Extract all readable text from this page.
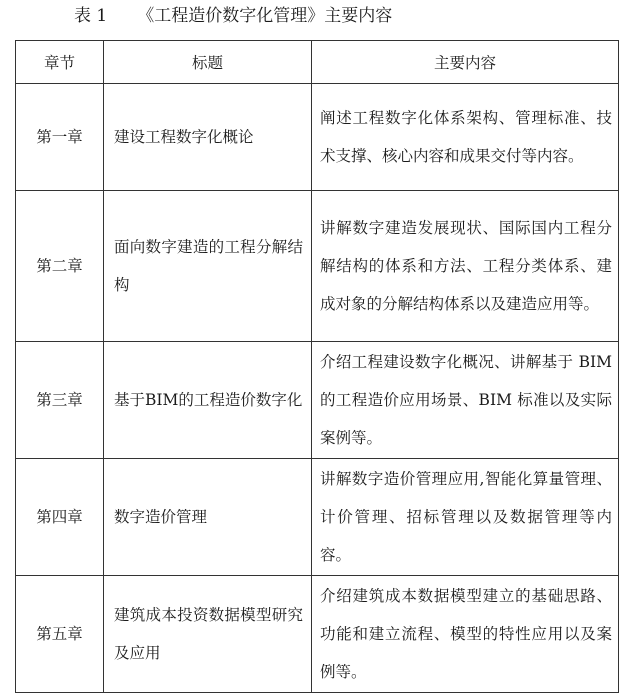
表 1 《工程造价数字化管理》主要内容
章节	标题	主要内容
第一章	建设工程数字化概论	阐述工程数字化体系架构、管理标准、技术支撑、核心内容和成果交付等内容。
第二章	面向数字建造的工程分解结构	讲解数字建造发展现状、国际国内工程分解结构的体系和方法、工程分类体系、建成对象的分解结构体系以及建造应用等。
第三章	基于BIM的工程造价数字化	介绍工程建设数字化概况、讲解基于 BIM 的工程造价应用场景、BIM 标准以及实际案例等。
第四章	数字造价管理	讲解数字造价管理应用,智能化算量管理、计价管理、招标管理以及数据管理等内容。
第五章	建筑成本投资数据模型研究及应用	介绍建筑成本数据模型建立的基础思路、功能和建立流程、模型的特性应用以及案例等。
